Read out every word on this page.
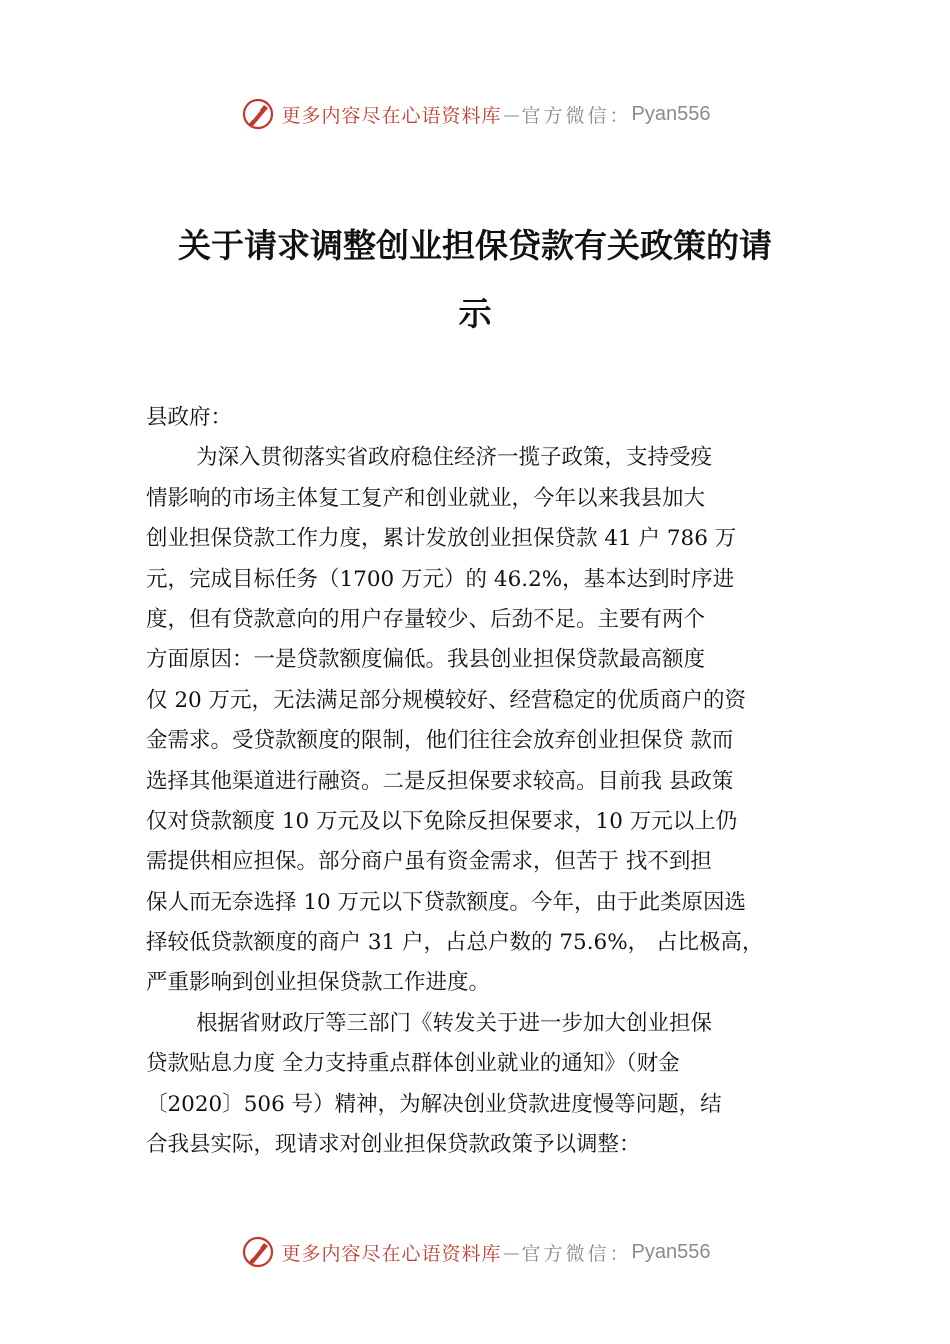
更多内容尽在心语资料库 — 官方微信： Pyan556
关于请求调整创业担保贷款有关政策的请
示
县政府：
为深入贯彻落实省政府稳住经济一揽子政策，支持受疫
情影响的市场主体复工复产和创业就业，今年以来我县加大
创业担保贷款工作力度，累计发放创业担保贷款 41 户 786 万
元，完成目标任务（1700 万元）的 46.2%，基本达到时序进
度，但有贷款意向的用户存量较少、后劲不足。主要有两个
方面原因：一是贷款额度偏低。我县创业担保贷款最高额度
仅 20 万元，无法满足部分规模较好、经营稳定的优质商户的资
金需求。受贷款额度的限制，他们往往会放弃创业担保贷 款而
选择其他渠道进行融资。二是反担保要求较高。目前我 县政策
仅对贷款额度 10 万元及以下免除反担保要求，10 万元以上仍
需提供相应担保。部分商户虽有资金需求，但苦于 找不到担
保人而无奈选择 10 万元以下贷款额度。今年，由于此类原因选
择较低贷款额度的商户 31 户，占总户数的 75.6%， 占比极高，
严重影响到创业担保贷款工作进度。
根据省财政厅等三部门《转发关于进一步加大创业担保
贷款贴息力度 全力支持重点群体创业就业的通知》（财金
〔2020〕506 号）精神，为解决创业贷款进度慢等问题，结
合我县实际，现请求对创业担保贷款政策予以调整：
更多内容尽在心语资料库 — 官方微信： Pyan556
